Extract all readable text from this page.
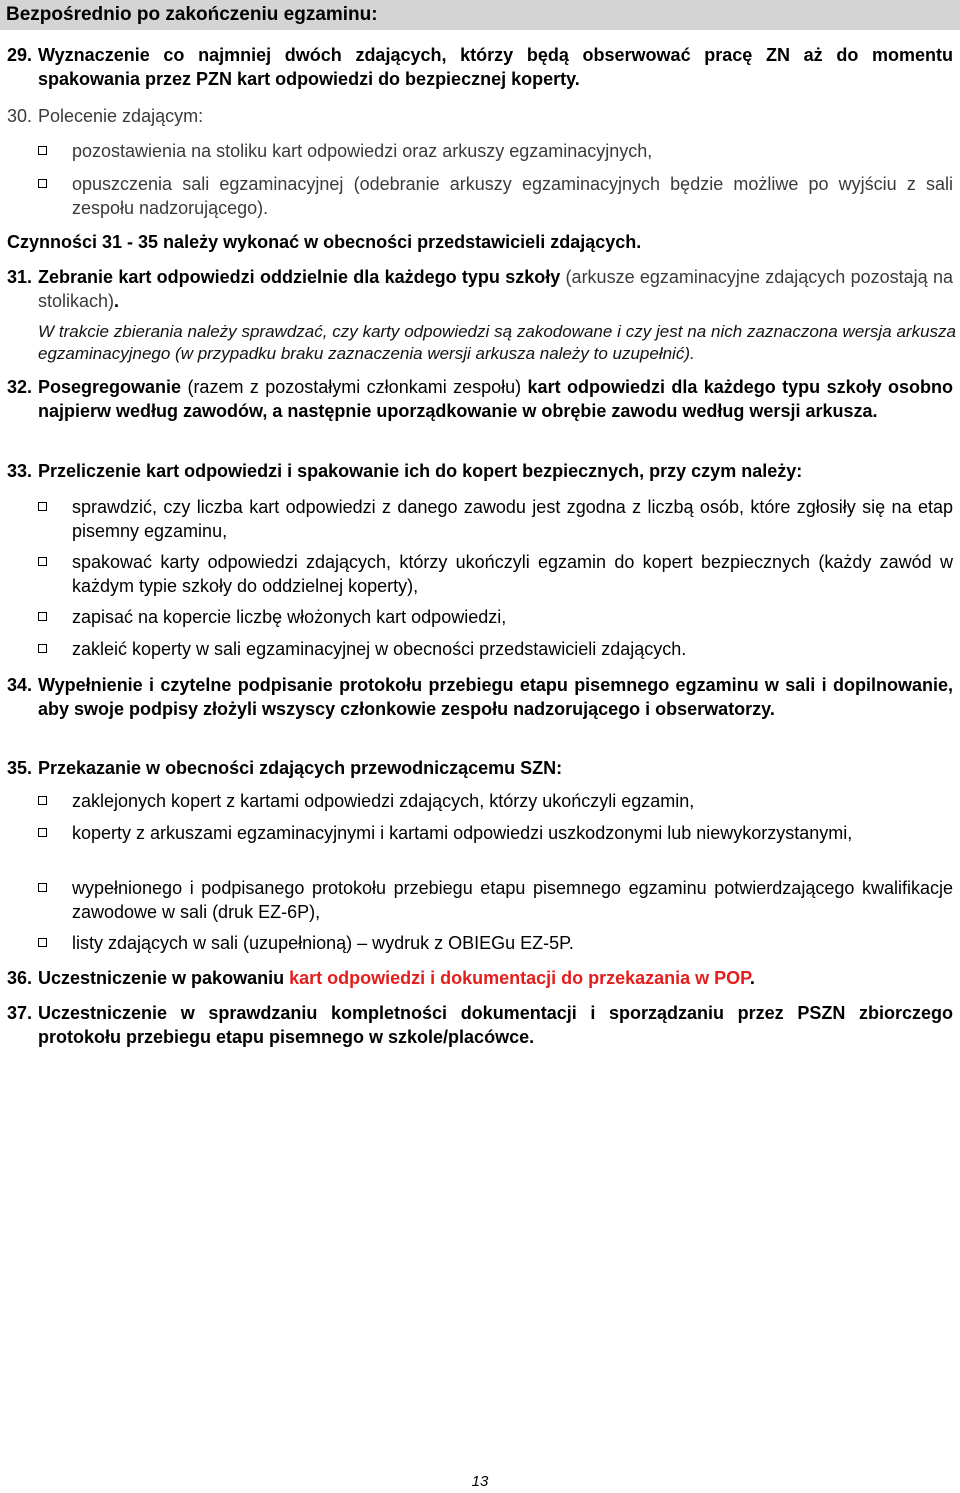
Bezpośrednio po zakończeniu egzaminu:
29. Wyznaczenie co najmniej dwóch zdających, którzy będą obserwować pracę ZN aż do momentu spakowania przez PZN kart odpowiedzi do bezpiecznej koperty.
30. Polecenie zdającym:
pozostawienia na stoliku kart odpowiedzi oraz arkuszy egzaminacyjnych,
opuszczenia sali egzaminacyjnej (odebranie arkuszy egzaminacyjnych będzie możliwe po wyjściu z sali zespołu nadzorującego).
Czynności 31 - 35 należy wykonać w obecności przedstawicieli zdających.
31. Zebranie kart odpowiedzi oddzielnie dla każdego typu szkoły (arkusze egzaminacyjne zdających pozostają na stolikach).
W trakcie zbierania należy sprawdzać, czy karty odpowiedzi są zakodowane i czy jest na nich zaznaczona wersja arkusza egzaminacyjnego (w przypadku braku zaznaczenia wersji arkusza należy to uzupełnić).
32. Posegregowanie (razem z pozostałymi członkami zespołu) kart odpowiedzi dla każdego typu szkoły osobno najpierw według zawodów, a następnie uporządkowanie w obrębie zawodu według wersji arkusza.
33. Przeliczenie kart odpowiedzi i spakowanie ich do kopert bezpiecznych, przy czym należy:
sprawdzić, czy liczba kart odpowiedzi z danego zawodu jest zgodna z liczbą osób, które zgłosiły się na etap pisemny egzaminu,
spakować karty odpowiedzi zdających, którzy ukończyli egzamin do kopert bezpiecznych (każdy zawód w każdym typie szkoły do oddzielnej koperty),
zapisać na kopercie liczbę włożonych kart odpowiedzi,
zakleić koperty w sali egzaminacyjnej w obecności przedstawicieli zdających.
34. Wypełnienie i czytelne podpisanie protokołu przebiegu etapu pisemnego egzaminu w sali i dopilnowanie, aby swoje podpisy złożyli wszyscy członkowie zespołu nadzorującego i obserwatorzy.
35. Przekazanie w obecności zdających przewodniczącemu SZN:
zaklejonych kopert z kartami odpowiedzi zdających, którzy ukończyli egzamin,
koperty z arkuszami egzaminacyjnymi i kartami odpowiedzi uszkodzonymi lub niewykorzystanymi,
wypełnionego i podpisanego protokołu przebiegu etapu pisemnego egzaminu potwierdzającego kwalifikacje zawodowe w sali (druk EZ-6P),
listy zdających w sali (uzupełnioną) – wydruk z OBIEGu EZ-5P.
36. Uczestniczenie w pakowaniu kart odpowiedzi i dokumentacji do przekazania w POP.
37. Uczestniczenie w sprawdzaniu kompletności dokumentacji i sporządzaniu przez PSZN zbiorczego protokołu przebiegu etapu pisemnego w szkole/placówce.
13
